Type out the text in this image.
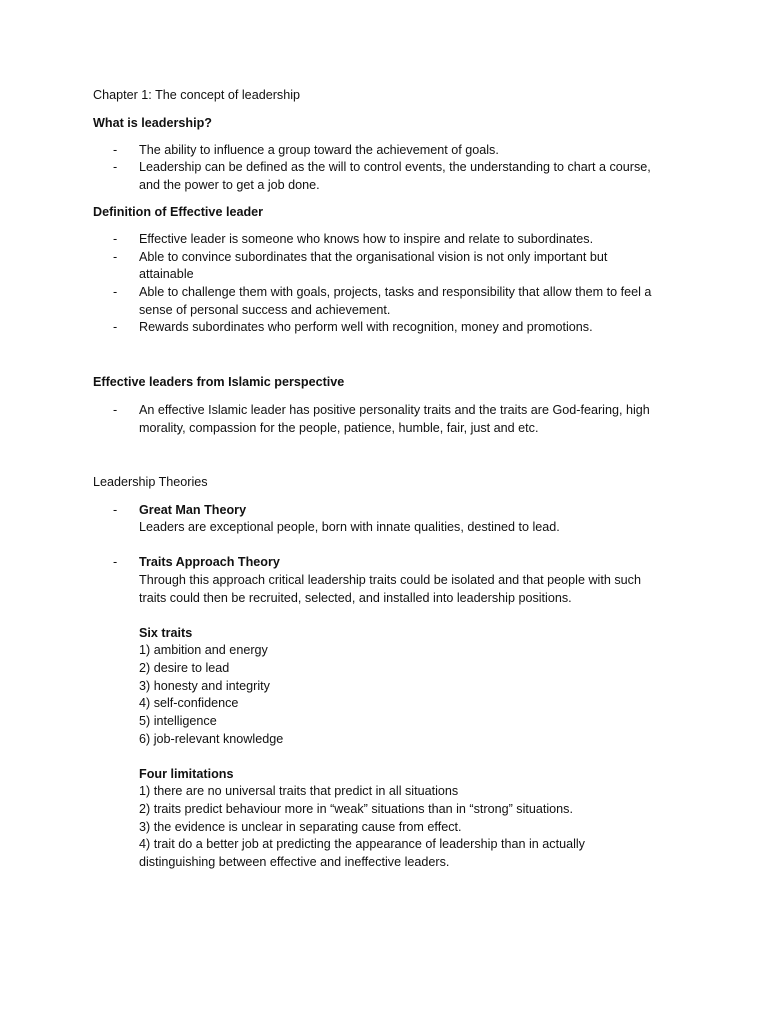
Chapter 1: The concept of leadership
What is leadership?
- The ability to influence a group toward the achievement of goals.
- Leadership can be defined as the will to control events, the understanding to chart a course,
and the power to get a job done.
Definition of Effective leader
- Effective leader is someone who knows how to inspire and relate to subordinates.
- Able to convince subordinates that the organisational vision is not only important but
attainable
- Able to challenge them with goals, projects, tasks and responsibility that allow them to feel a
sense of personal success and achievement.
- Rewards subordinates who perform well with recognition, money and promotions.
Effective leaders from Islamic perspective
- An effective Islamic leader has positive personality traits and the traits are God-fearing, high
morality, compassion for the people, patience, humble, fair, just and etc.
Leadership Theories
- Great Man Theory
Leaders are exceptional people, born with innate qualities, destined to lead.
- Traits Approach Theory
Through this approach critical leadership traits could be isolated and that people with such
traits could then be recruited, selected, and installed into leadership positions.
Six traits
1) ambition and energy
2) desire to lead
3) honesty and integrity
4) self-confidence
5) intelligence
6) job-relevant knowledge
Four limitations
1) there are no universal traits that predict in all situations
2) traits predict behaviour more in “weak” situations than in “strong” situations.
3) the evidence is unclear in separating cause from effect.
4) trait do a better job at predicting the appearance of leadership than in actually
distinguishing between effective and ineffective leaders.
